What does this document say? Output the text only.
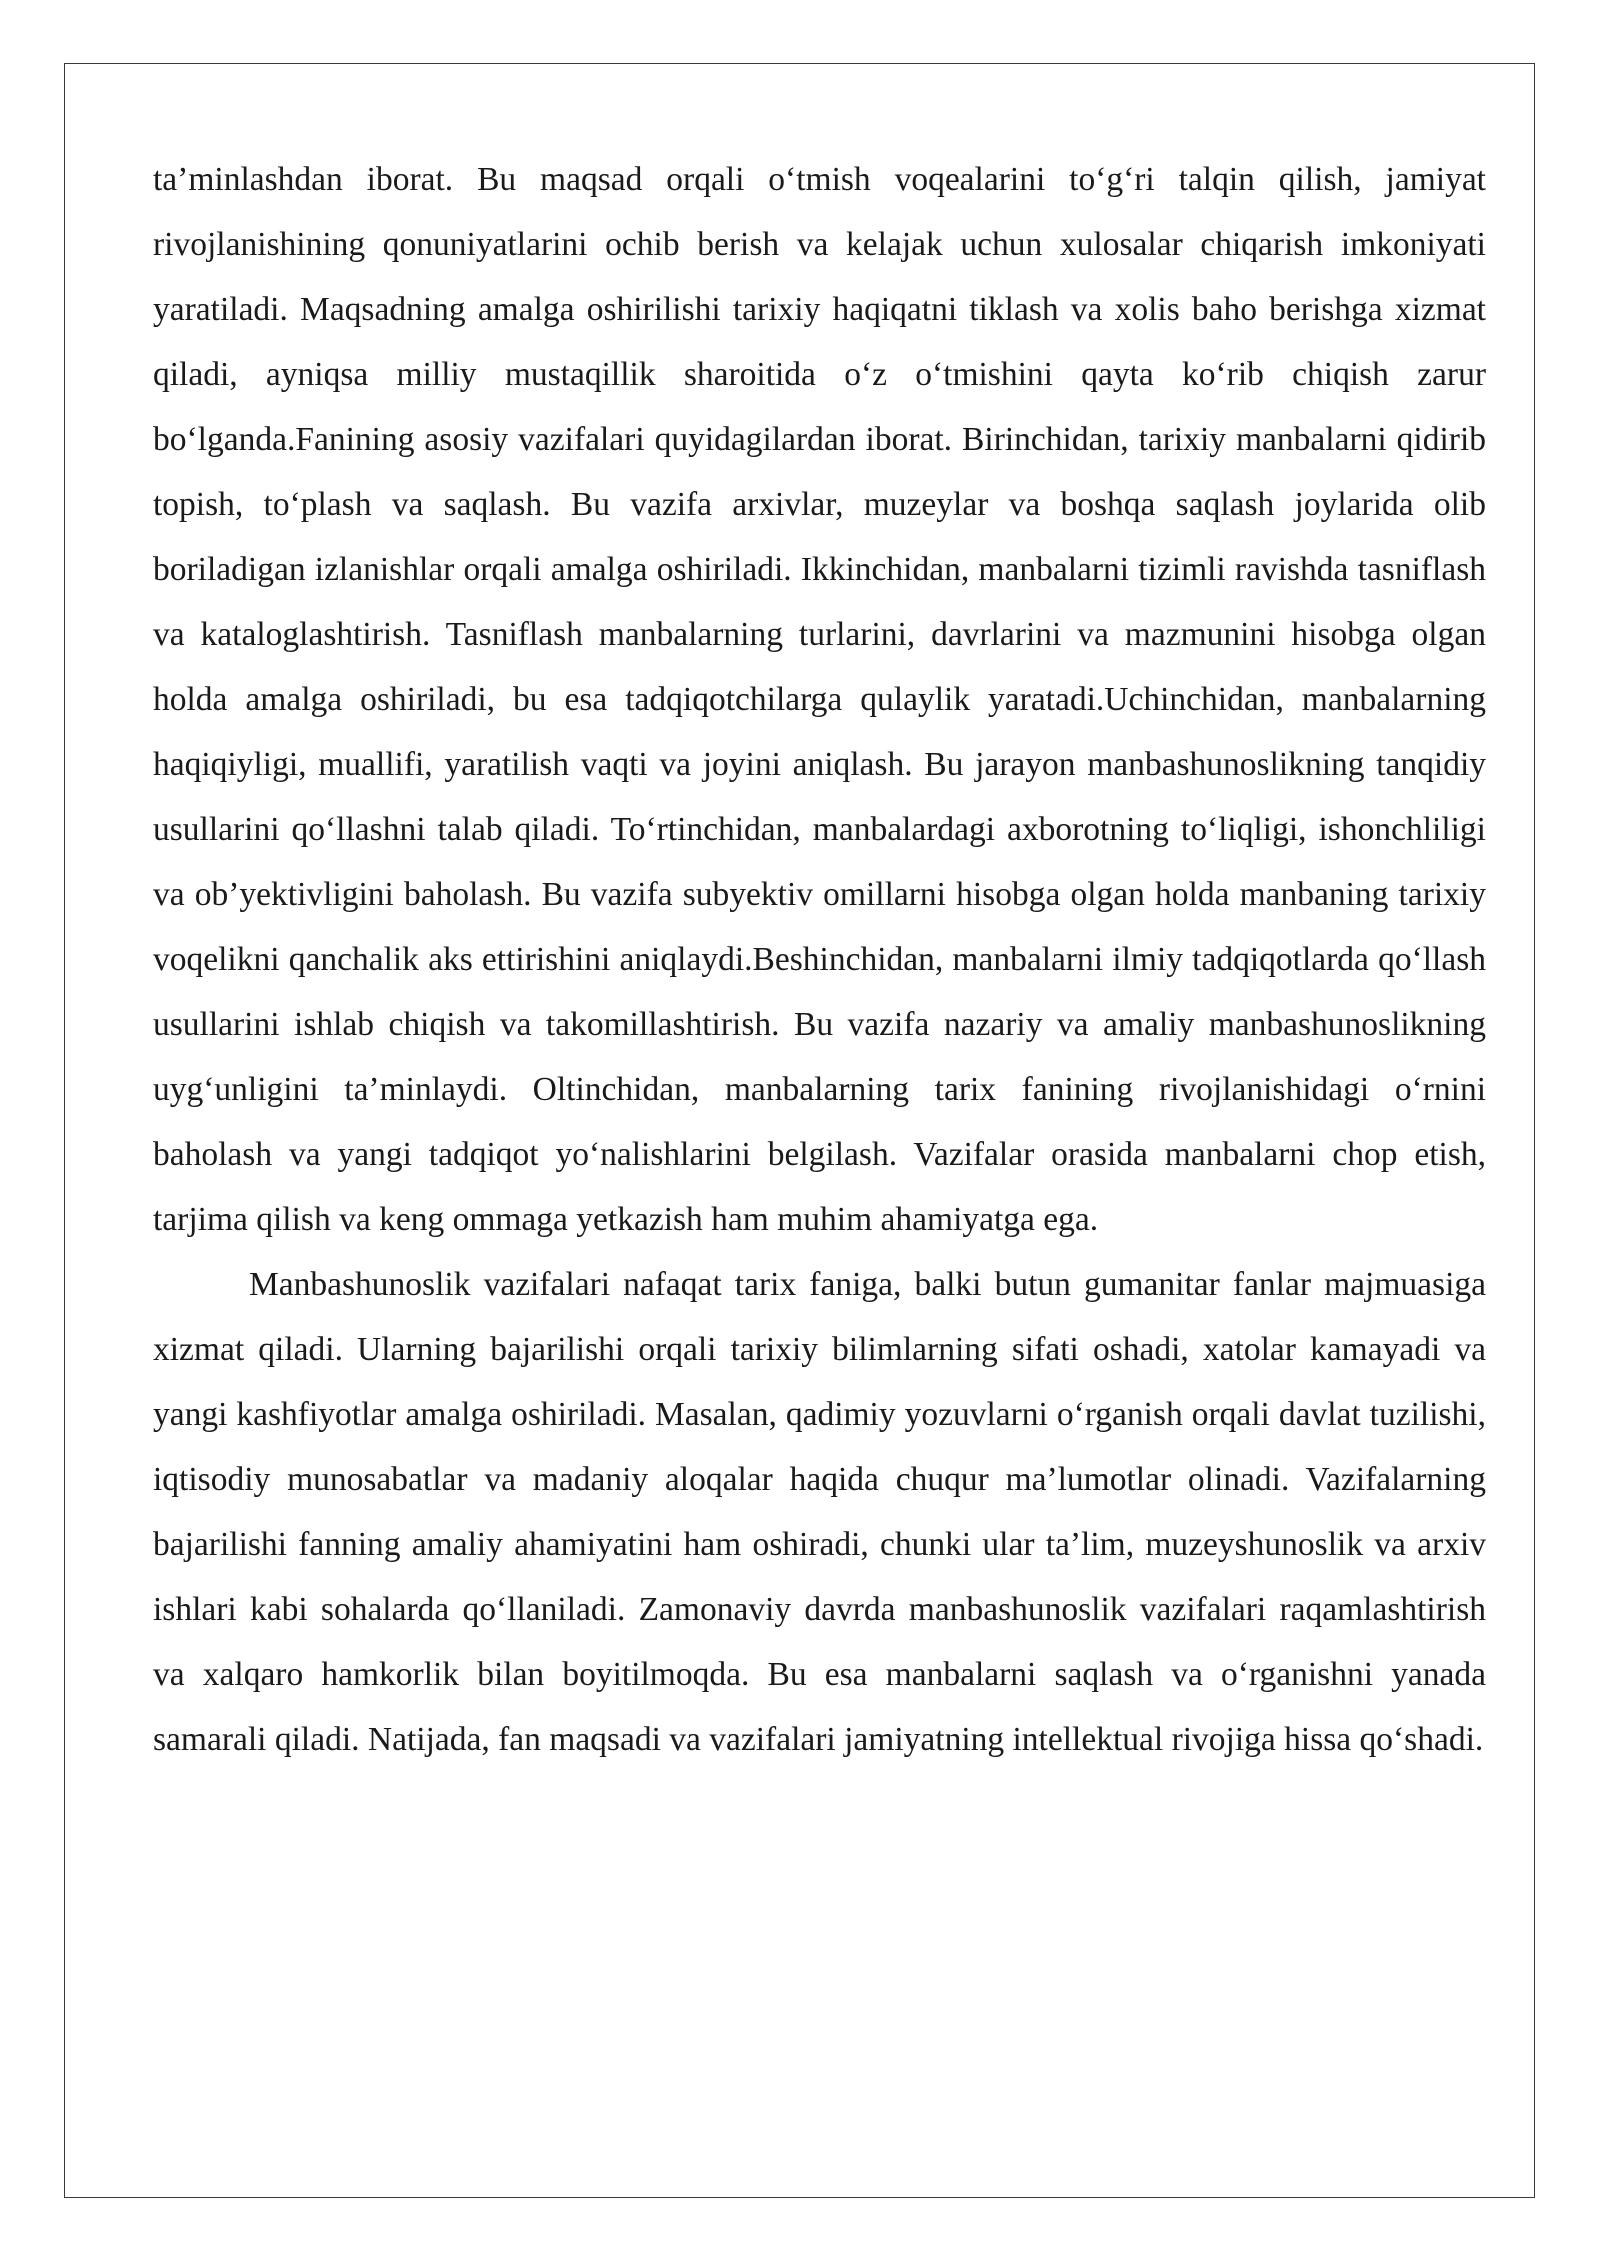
ta’minlashdan iborat. Bu maqsad orqali o‘tmish voqealarini to‘g‘ri talqin qilish, jamiyat rivojlanishining qonuniyatlarini ochib berish va kelajak uchun xulosalar chiqarish imkoniyati yaratiladi. Maqsadning amalga oshirilishi tarixiy haqiqatni tiklash va xolis baho berishga xizmat qiladi, ayniqsa milliy mustaqillik sharoitida o‘z o‘tmishini qayta ko‘rib chiqish zarur bo‘lganda.Fanining asosiy vazifalari quyidagilardan iborat. Birinchidan, tarixiy manbalarni qidirib topish, to‘plash va saqlash. Bu vazifa arxivlar, muzeylar va boshqa saqlash joylarida olib boriladigan izlanishlar orqali amalga oshiriladi. Ikkinchidan, manbalarni tizimli ravishda tasniflash va kataloglashtirish. Tasniflash manbalarning turlarini, davrlarini va mazmunini hisobga olgan holda amalga oshiriladi, bu esa tadqiqotchilarga qulaylik yaratadi.Uchinchidan, manbalarning haqiqiyligi, muallifi, yaratilish vaqti va joyini aniqlash. Bu jarayon manbashunoslikning tanqidiy usullarini qo‘llashni talab qiladi. To‘rtinchidan, manbalardagi axborotning to‘liqligi, ishonchliligi va ob’yektivligini baholash. Bu vazifa subyektiv omillarni hisobga olgan holda manbaning tarixiy voqelikni qanchalik aks ettirishini aniqlaydi.Beshinchidan, manbalarni ilmiy tadqiqotlarda qo‘llash usullarini ishlab chiqish va takomillashtirish. Bu vazifa nazariy va amaliy manbashunoslikning uyg‘unligini ta’minlaydi. Oltinchidan, manbalarning tarix fanining rivojlanishidagi o‘rnini baholash va yangi tadqiqot yo‘nalishlarini belgilash. Vazifalar orasida manbalarni chop etish, tarjima qilish va keng ommaga yetkazish ham muhim ahamiyatga ega.

Manbashunoslik vazifalari nafaqat tarix faniga, balki butun gumanitar fanlar majmuasiga xizmat qiladi. Ularning bajarilishi orqali tarixiy bilimlarning sifati oshadi, xatolar kamayadi va yangi kashfiyotlar amalga oshiriladi. Masalan, qadimiy yozuvlarni o‘rganish orqali davlat tuzilishi, iqtisodiy munosabatlar va madaniy aloqalar haqida chuqur ma’lumotlar olinadi. Vazifalarning bajarilishi fanning amaliy ahamiyatini ham oshiradi, chunki ular ta’lim, muzeyshunoslik va arxiv ishlari kabi sohalarda qo‘llaniladi. Zamonaviy davrda manbashunoslik vazifalari raqamlashtirish va xalqaro hamkorlik bilan boyitilmoqda. Bu esa manbalarni saqlash va o‘rganishni yanada samarali qiladi. Natijada, fan maqsadi va vazifalari jamiyatning intellektual rivojiga hissa qo‘shadi.
